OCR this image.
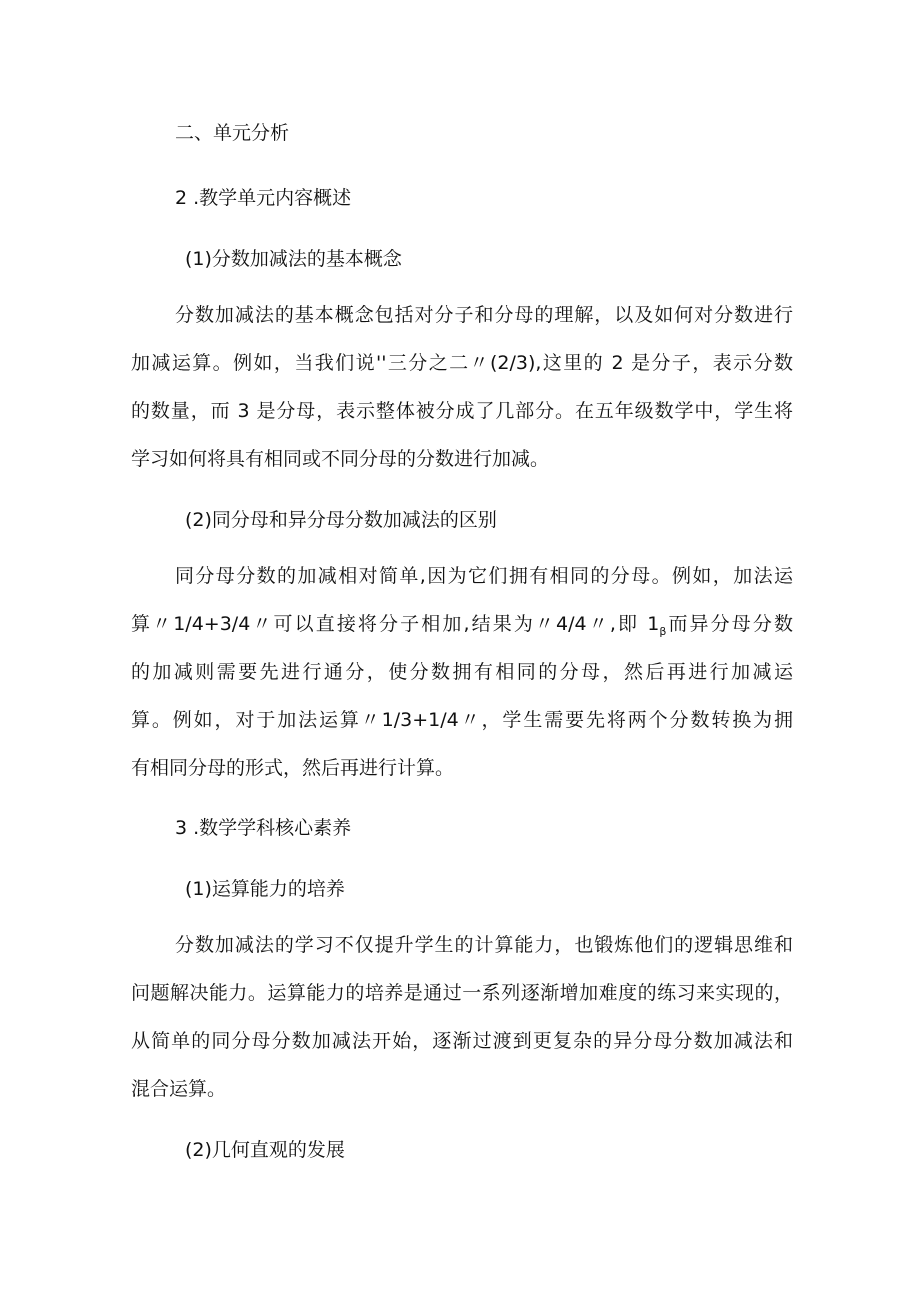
二、单元分析

2 .教学单元内容概述

(1)分数加减法的基本概念

分数加减法的基本概念包括对分子和分母的理解，以及如何对分数进行

加减运算。例如，当我们说''三分之二〃(2/3),这里的 2 是分子，表示分数

的数量，而 3 是分母，表示整体被分成了几部分。在五年级数学中，学生将

学习如何将具有相同或不同分母的分数进行加减。

(2)同分母和异分母分数加减法的区别

同分母分数的加减相对简单,因为它们拥有相同的分母。例如，加法运

算〃1/4+3/4〃可以直接将分子相加,结果为〃4/4〃,即 $1_\beta$而异分母分数

的加减则需要先进行通分，使分数拥有相同的分母，然后再进行加减运

算。例如，对于加法运算〃1/3+1/4〃，学生需要先将两个分数转换为拥

有相同分母的形式，然后再进行计算。

3 .数学学科核心素养

(1)运算能力的培养

分数加减法的学习不仅提升学生的计算能力，也锻炼他们的逻辑思维和

问题解决能力。运算能力的培养是通过一系列逐渐增加难度的练习来实现的，

从简单的同分母分数加减法开始，逐渐过渡到更复杂的异分母分数加减法和

混合运算。

(2)几何直观的发展
